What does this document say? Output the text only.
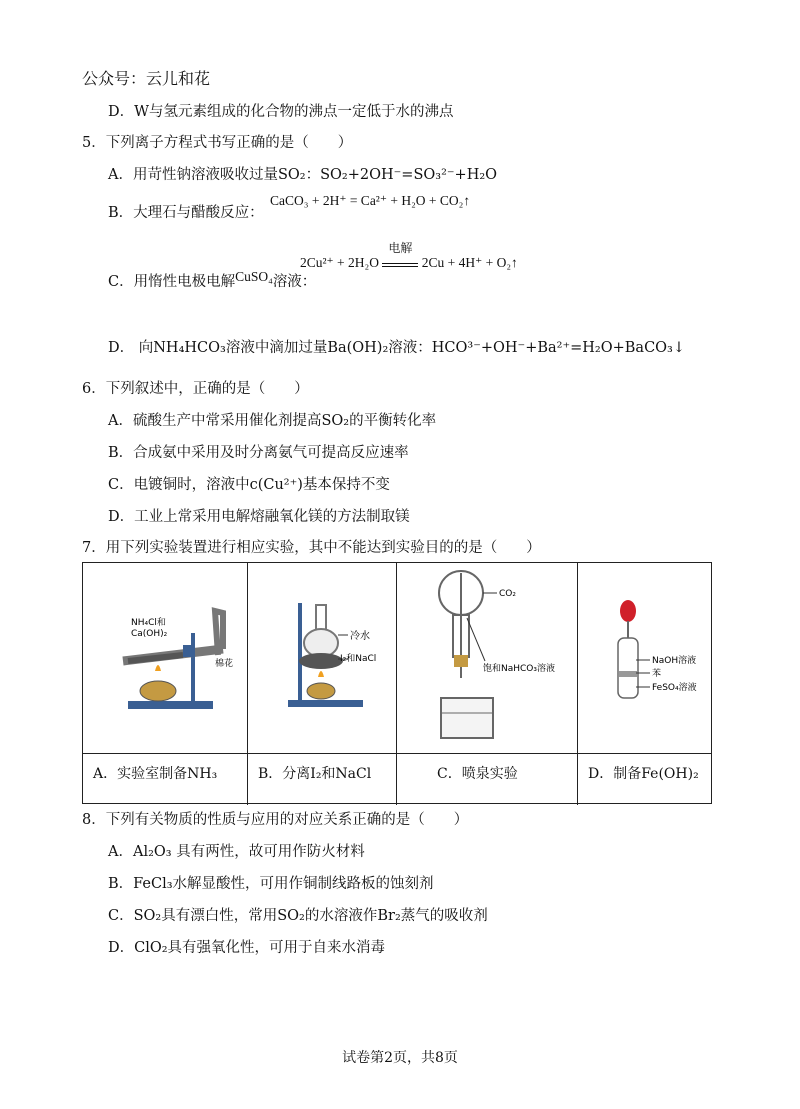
公众号：云儿和花
D．W与氢元素组成的化合物的沸点一定低于水的沸点
5．下列离子方程式书写正确的是（　　）
A．用苛性钠溶液吸收过量SO₂：SO₂+2OH⁻=SO₃²⁻+H₂O
B．大理石与醋酸反应：
CaCO₃ + 2H⁺ = Ca²⁺ + H₂O + CO₂↑
C．用惰性电极电解CuSO₄溶液：
2Cu²⁺ + 2H₂O
电解
2Cu + 4H⁺ + O₂↑
D． 向NH₄HCO₃溶液中滴加过量Ba(OH)₂溶液：HCO³⁻+OH⁻+Ba²⁺=H₂O+BaCO₃↓
6．下列叙述中，正确的是（　　）
A．硫酸生产中常采用催化剂提高SO₂的平衡转化率
B．合成氨中采用及时分离氨气可提高反应速率
C．电镀铜时，溶液中c(Cu²⁺)基本保持不变
D．工业上常采用电解熔融氧化镁的方法制取镁
7．用下列实验装置进行相应实验，其中不能达到实验目的的是（　　）
NH₄Cl和
Ca(OH)₂
棉花
A．实验室制备NH₃
冷水
I₂和NaCl
B．分离I₂和NaCl
CO₂
饱和NaHCO₃溶液
C．喷泉实验
NaOH溶液
苯
FeSO₄溶液
D．制备Fe(OH)₂
8．下列有关物质的性质与应用的对应关系正确的是（　　）
A．Al₂O₃ 具有两性，故可用作防火材料
B．FeCl₃水解显酸性，可用作铜制线路板的蚀刻剂
C．SO₂具有漂白性，常用SO₂的水溶液作Br₂蒸气的吸收剂
D．ClO₂具有强氧化性，可用于自来水消毒
试卷第2页，共8页
